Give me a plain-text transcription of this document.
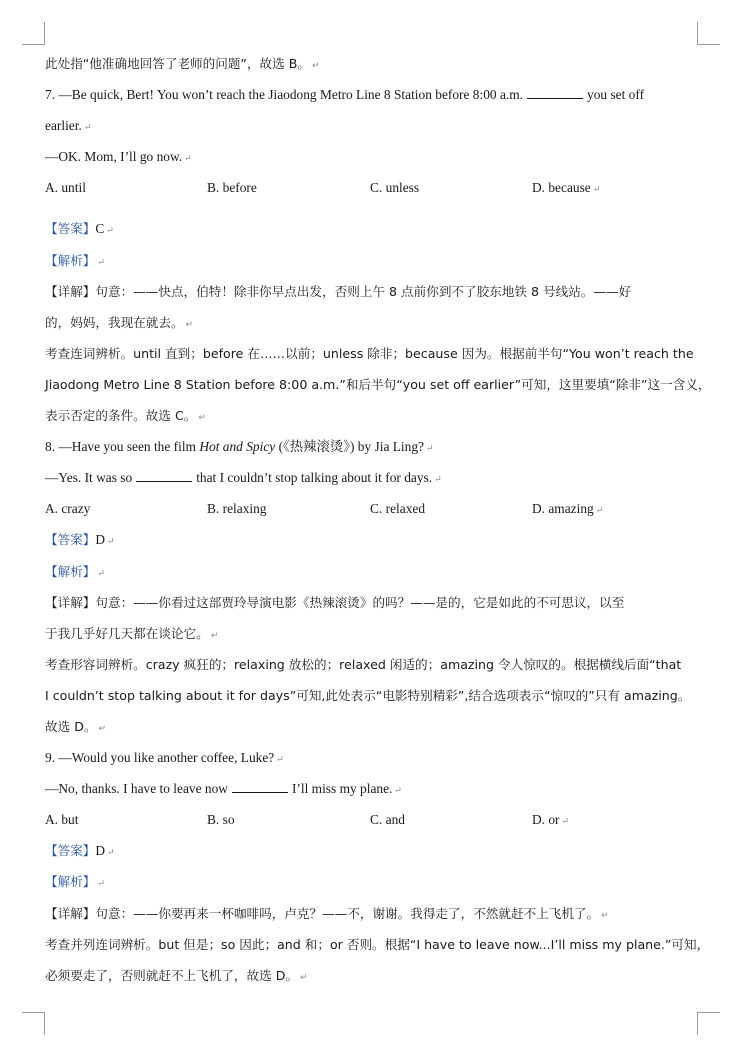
此处指“他准确地回答了老师的问题”，故选 B。 ↵
7. —Be quick, Bert! You won’t reach the Jiaodong Metro Line 8 Station before 8:00 a.m.	you set off
earlier. ↵
—OK. Mom, I’ll go now. ↵
A. until	B. before	C. unless	D. because ↵
【答案】C ↵
【解析】 ↵
【详解】句意：——快点，伯特！除非你早点出发，否则上午 8 点前你到不了胶东地铁 8 号线站。——好
的，妈妈，我现在就去。 ↵
考查连词辨析。until 直到；before 在……以前；unless 除非；because 因为。根据前半句“You won’t reach the
Jiaodong Metro Line 8 Station before 8:00 a.m.”和后半句“you set off earlier”可知，这里要填“除非”这一含义，
表示否定的条件。故选 C。 ↵
8. —Have you seen the film Hot and Spicy (《热辣滚烫》) by Jia Ling? ↵
—Yes. It was so	that I couldn’t stop talking about it for days. ↵
A. crazy	B. relaxing	C. relaxed	D. amazing ↵
【答案】D ↵
【解析】 ↵
【详解】句意：——你看过这部贾玲导演电影《热辣滚烫》的吗？——是的，它是如此的不可思议，以至
于我几乎好几天都在谈论它。 ↵
考查形容词辨析。crazy 疯狂的；relaxing 放松的；relaxed 闲适的；amazing 令人惊叹的。根据横线后面“that
I couldn’t stop talking about it for days”可知,此处表示“电影特别精彩”,结合选项表示“惊叹的”只有 amazing。
故选 D。 ↵
9. —Would you like another coffee, Luke? ↵
—No, thanks. I have to leave now	I’ll miss my plane. ↵
A. but	B. so	C. and	D. or ↵
【答案】D ↵
【解析】 ↵
【详解】句意：——你要再来一杯咖啡吗，卢克？——不，谢谢。我得走了，不然就赶不上飞机了。 ↵
考查并列连词辨析。but 但是；so 因此；and 和；or 否则。根据“I have to leave now...I’ll miss my plane.”可知，
必须要走了，否则就赶不上飞机了，故选 D。 ↵
